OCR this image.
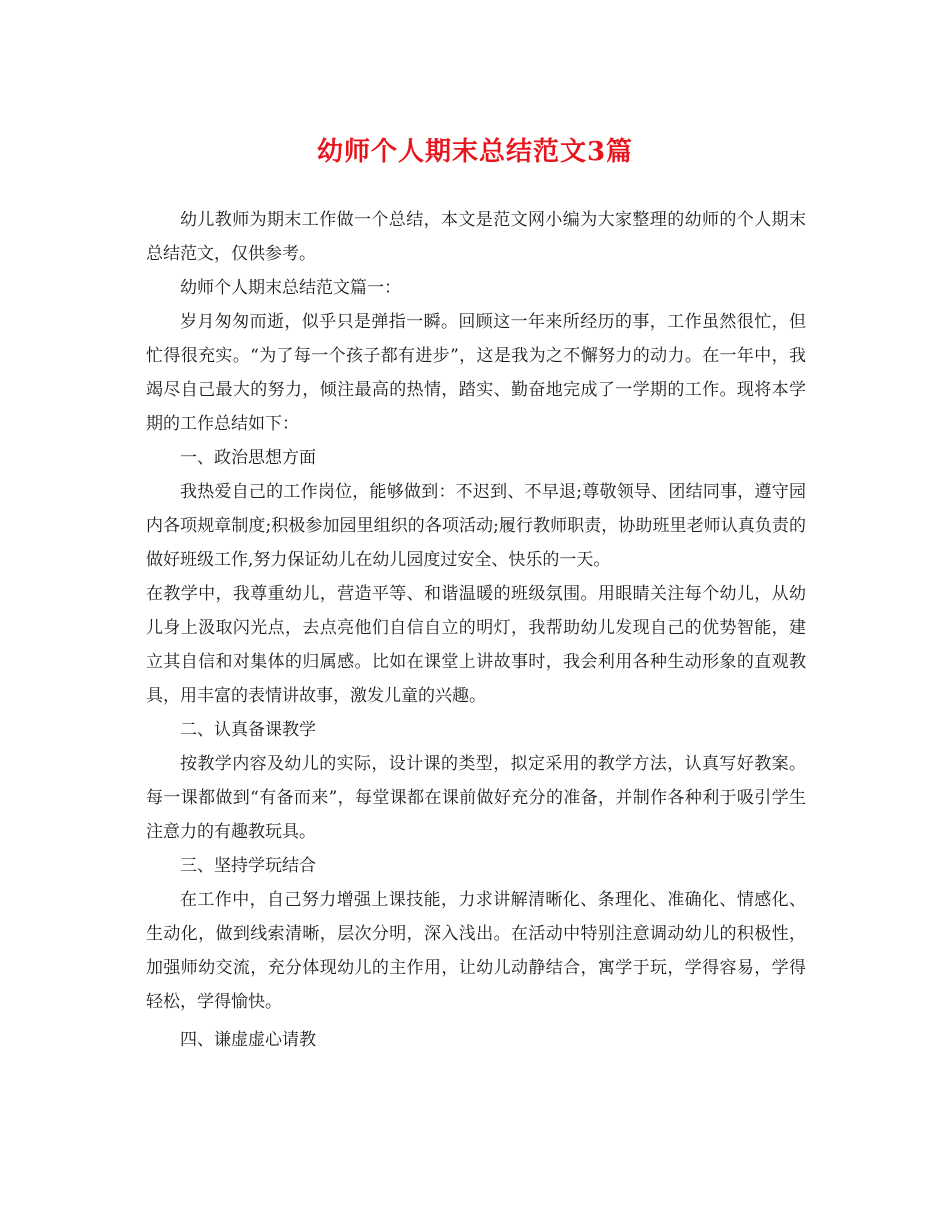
幼师个人期末总结范文3篇

幼儿教师为期末工作做一个总结，本文是范文网小编为大家整理的幼师的个人期末总结范文，仅供参考。

幼师个人期末总结范文篇一：

岁月匆匆而逝，似乎只是弹指一瞬。回顾这一年来所经历的事，工作虽然很忙，但忙得很充实。“为了每一个孩子都有进步”，这是我为之不懈努力的动力。在一年中，我竭尽自己最大的努力，倾注最高的热情，踏实、勤奋地完成了一学期的工作。现将本学期的工作总结如下：

一、政治思想方面

我热爱自己的工作岗位，能够做到：不迟到、不早退;尊敬领导、团结同事，遵守园内各项规章制度;积极参加园里组织的各项活动;履行教师职责，协助班里老师认真负责的做好班级工作,努力保证幼儿在幼儿园度过安全、快乐的一天。

在教学中，我尊重幼儿，营造平等、和谐温暖的班级氛围。用眼睛关注每个幼儿，从幼儿身上汲取闪光点，去点亮他们自信自立的明灯，我帮助幼儿发现自己的优势智能，建立其自信和对集体的归属感。比如在课堂上讲故事时，我会利用各种生动形象的直观教具，用丰富的表情讲故事，激发儿童的兴趣。

二、认真备课教学

按教学内容及幼儿的实际，设计课的类型，拟定采用的教学方法，认真写好教案。每一课都做到“有备而来”，每堂课都在课前做好充分的准备，并制作各种利于吸引学生注意力的有趣教玩具。

三、坚持学玩结合

在工作中，自己努力增强上课技能，力求讲解清晰化、条理化、准确化、情感化、生动化，做到线索清晰，层次分明，深入浅出。在活动中特别注意调动幼儿的积极性，加强师幼交流，充分体现幼儿的主作用，让幼儿动静结合，寓学于玩，学得容易，学得轻松，学得愉快。

四、谦虚虚心请教
